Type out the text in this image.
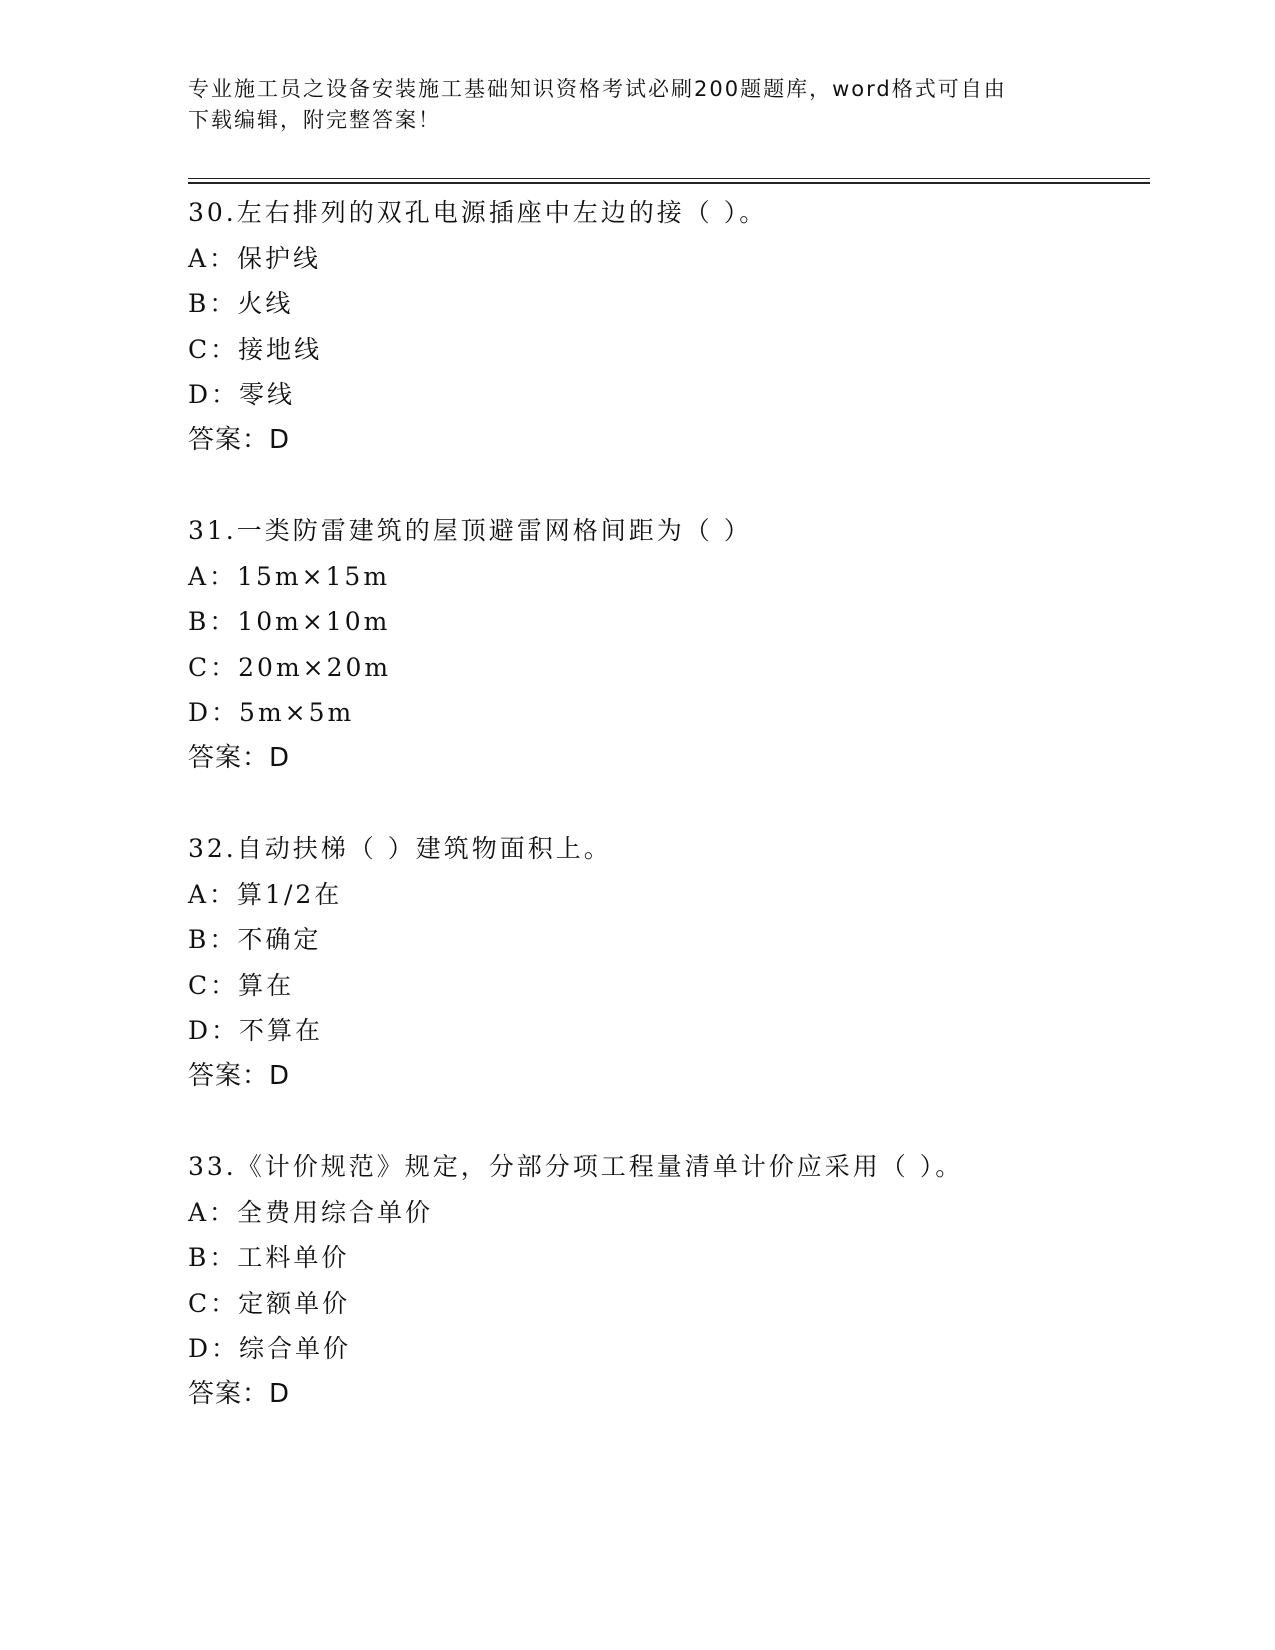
专业施工员之设备安装施工基础知识资格考试必刷200题题库，word格式可自由
下载编辑，附完整答案！
30.左右排列的双孔电源插座中左边的接（ ）。
A：保护线
B：火线
C：接地线
D：零线
答案：D
31.一类防雷建筑的屋顶避雷网格间距为（ ）
A：15m×15m
B：10m×10m
C：20m×20m
D：5m×5m
答案：D
32.自动扶梯（ ）建筑物面积上。
A：算1/2在
B：不确定
C：算在
D：不算在
答案：D
33.《计价规范》规定，分部分项工程量清单计价应采用（ ）。
A：全费用综合单价
B：工料单价
C：定额单价
D：综合单价
答案：D
